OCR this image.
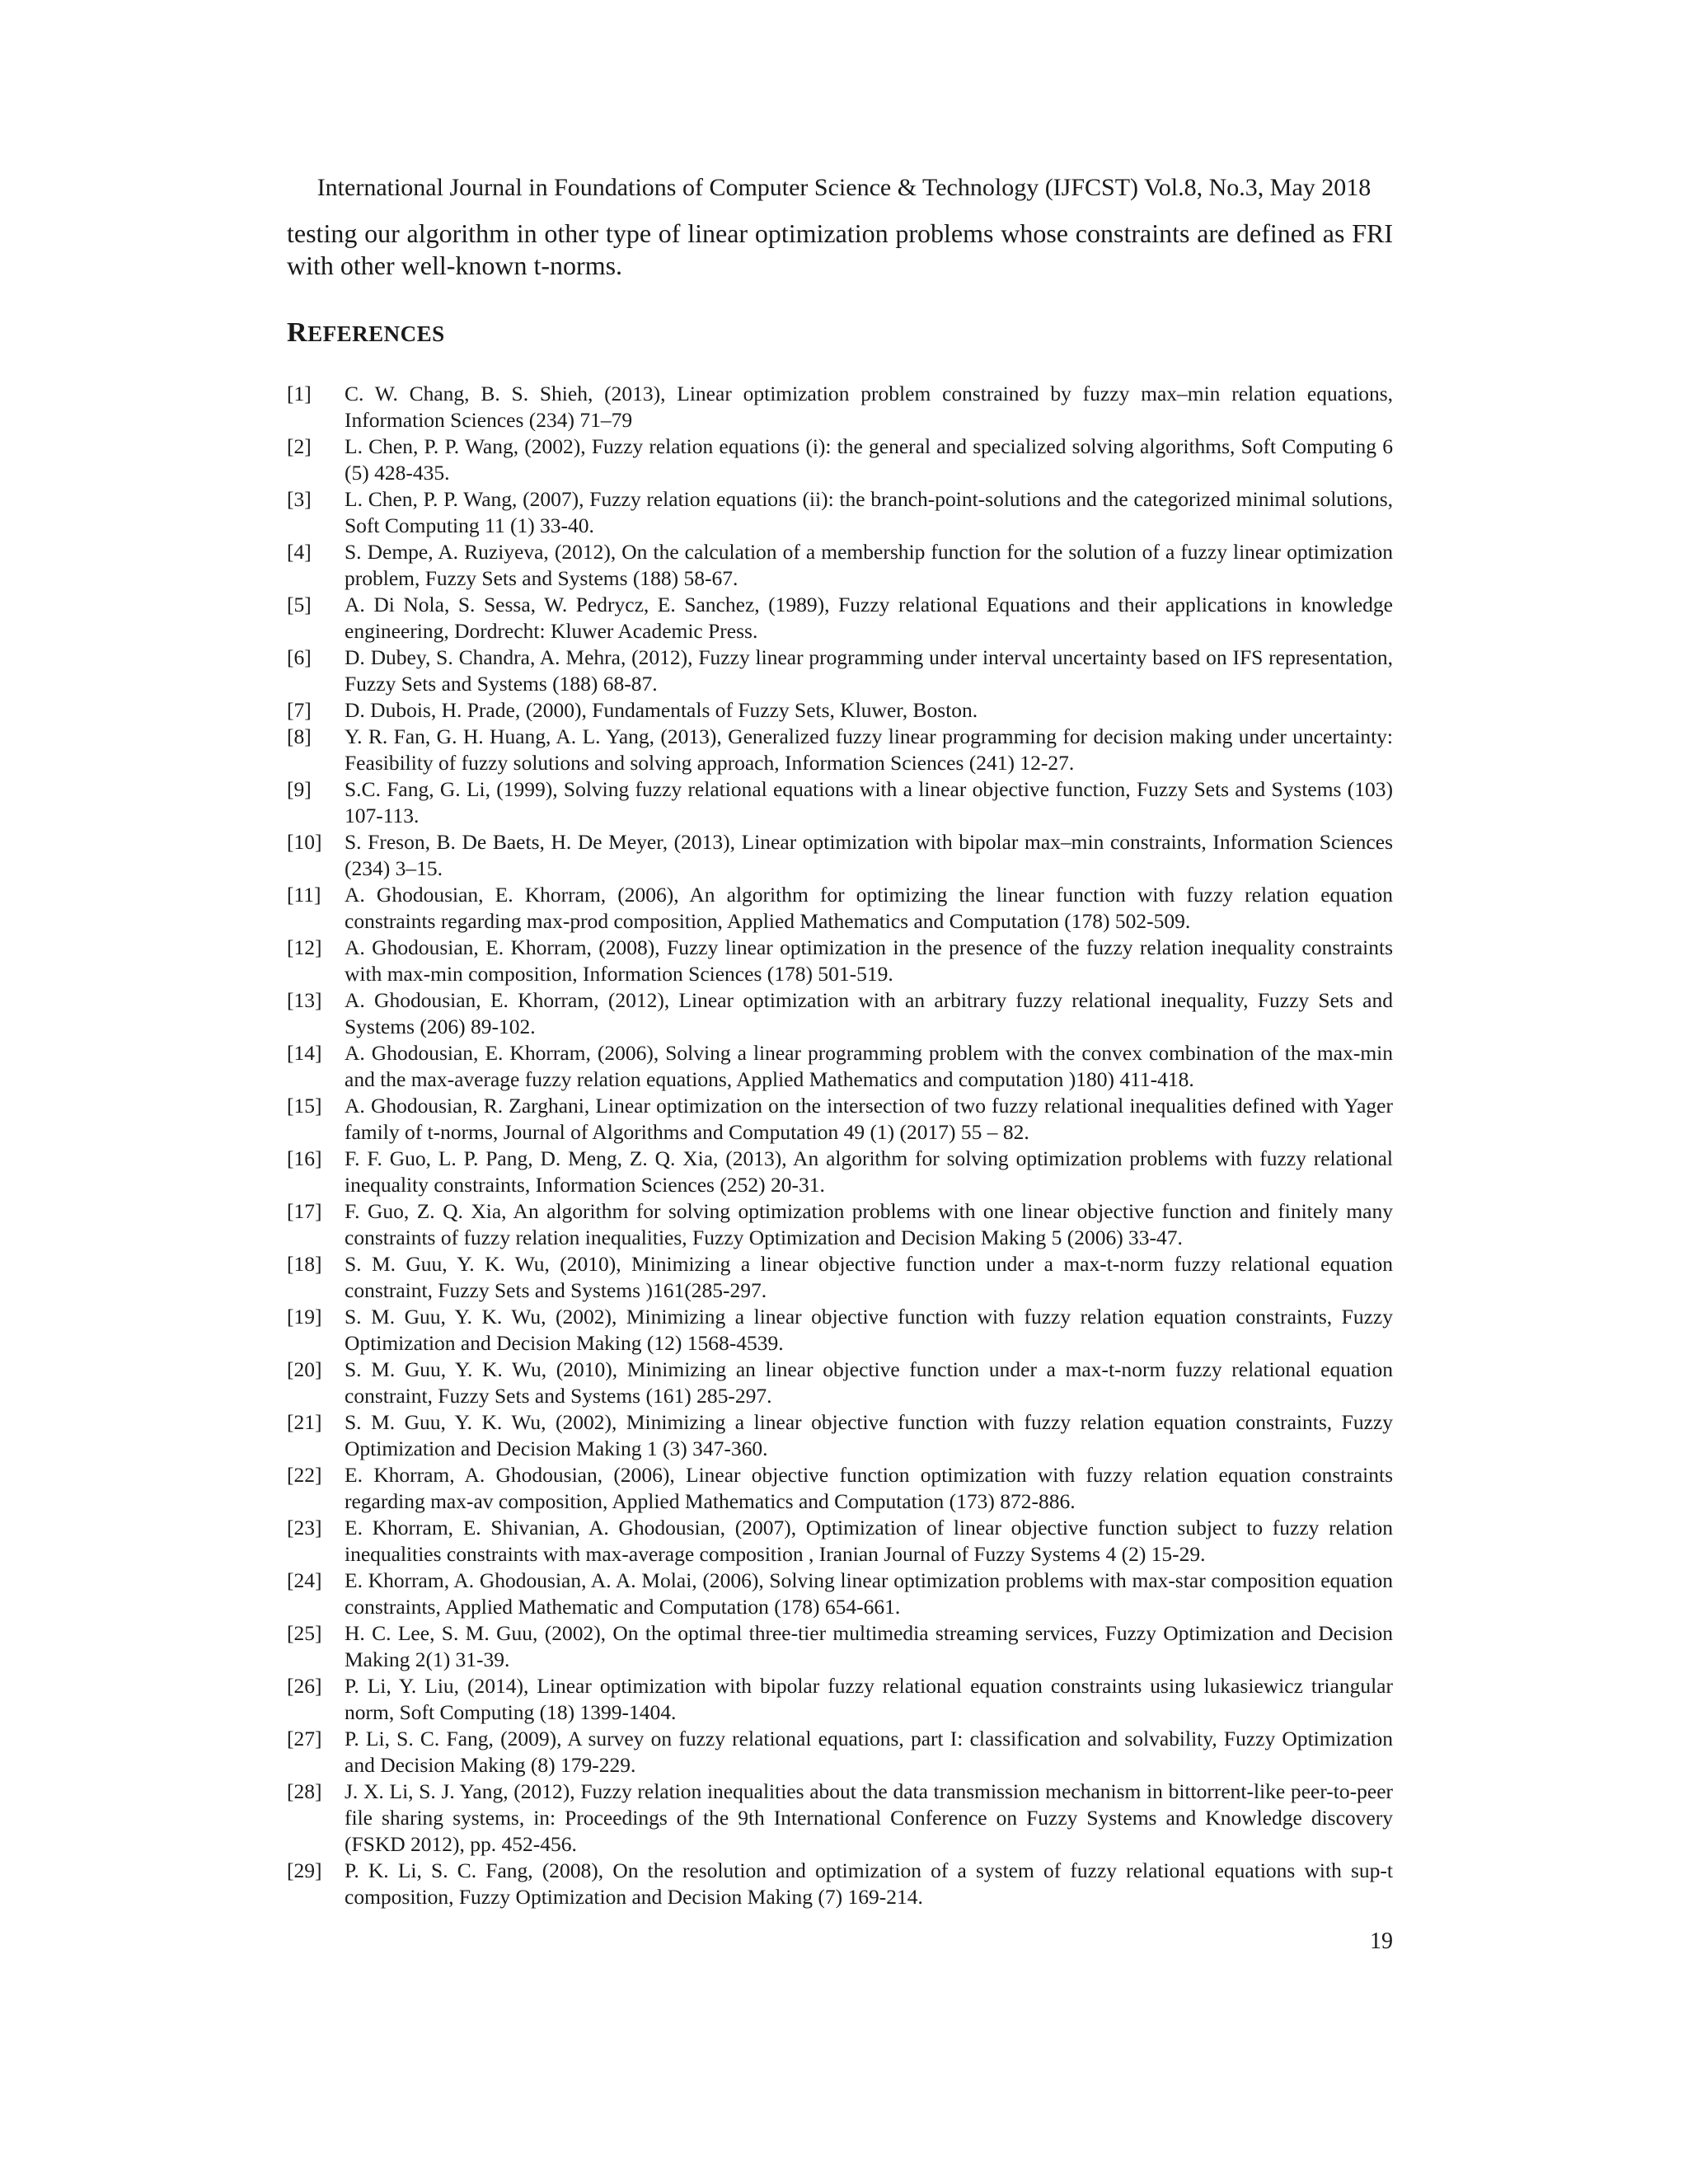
International Journal in Foundations of Computer Science & Technology (IJFCST) Vol.8, No.3, May 2018
testing our algorithm in other type of linear optimization problems whose constraints are defined as FRI with other well-known t-norms.
REFERENCES
[1]	C. W. Chang, B. S. Shieh, (2013), Linear optimization problem constrained by fuzzy max–min relation equations, Information Sciences (234) 71–79
[2]	L. Chen, P. P. Wang, (2002), Fuzzy relation equations (i): the general and specialized solving algorithms, Soft Computing 6 (5) 428-435.
[3]	L. Chen, P. P. Wang, (2007), Fuzzy relation equations (ii): the branch-point-solutions and the categorized minimal solutions, Soft Computing 11 (1) 33-40.
[4]	S. Dempe, A. Ruziyeva, (2012), On the calculation of a membership function for the solution of a fuzzy linear optimization problem, Fuzzy Sets and Systems (188) 58-67.
[5]	A. Di Nola, S. Sessa, W. Pedrycz, E. Sanchez, (1989), Fuzzy relational Equations and their applications in knowledge engineering, Dordrecht: Kluwer Academic Press.
[6]	D. Dubey, S. Chandra, A. Mehra, (2012), Fuzzy linear programming under interval uncertainty based on IFS representation, Fuzzy Sets and Systems (188) 68-87.
[7]	D. Dubois, H. Prade, (2000), Fundamentals of Fuzzy Sets, Kluwer, Boston.
[8]	Y. R. Fan, G. H. Huang, A. L. Yang, (2013), Generalized fuzzy linear programming for decision making under uncertainty: Feasibility of fuzzy solutions and solving approach, Information Sciences (241) 12-27.
[9]	S.C. Fang, G. Li, (1999), Solving fuzzy relational equations with a linear objective function, Fuzzy Sets and Systems (103) 107-113.
[10]	S. Freson, B. De Baets, H. De Meyer, (2013), Linear optimization with bipolar max–min constraints, Information Sciences (234) 3–15.
[11]	A. Ghodousian, E. Khorram, (2006), An algorithm for optimizing the linear function with fuzzy relation equation constraints regarding max-prod composition, Applied Mathematics and Computation (178) 502-509.
[12]	A. Ghodousian, E. Khorram, (2008), Fuzzy linear optimization in the presence of the fuzzy relation inequality constraints with max-min composition, Information Sciences (178) 501-519.
[13]	A. Ghodousian, E. Khorram, (2012), Linear optimization with an arbitrary fuzzy relational inequality, Fuzzy Sets and Systems (206) 89-102.
[14]	A. Ghodousian, E. Khorram, (2006), Solving a linear programming problem with the convex combination of the max-min and the max-average fuzzy relation equations, Applied Mathematics and computation )180) 411-418.
[15]	A. Ghodousian, R. Zarghani, Linear optimization on the intersection of two fuzzy relational inequalities defined with Yager family of t-norms, Journal of Algorithms and Computation 49 (1) (2017) 55 – 82.
[16]	F. F. Guo, L. P. Pang, D. Meng, Z. Q. Xia, (2013), An algorithm for solving optimization problems with fuzzy relational inequality constraints, Information Sciences (252) 20-31.
[17]	F. Guo, Z. Q. Xia, An algorithm for solving optimization problems with one linear objective function and finitely many constraints of fuzzy relation inequalities, Fuzzy Optimization and Decision Making 5 (2006) 33-47.
[18]	S. M. Guu, Y. K. Wu, (2010), Minimizing a linear objective function under a max-t-norm fuzzy relational equation constraint, Fuzzy Sets and Systems )161(285-297.
[19]	S. M. Guu, Y. K. Wu, (2002), Minimizing a linear objective function with fuzzy relation equation constraints, Fuzzy Optimization and Decision Making (12) 1568-4539.
[20]	S. M. Guu, Y. K. Wu, (2010), Minimizing an linear objective function under a max-t-norm fuzzy relational equation constraint, Fuzzy Sets and Systems (161) 285-297.
[21]	S. M. Guu, Y. K. Wu, (2002), Minimizing a linear objective function with fuzzy relation equation constraints, Fuzzy Optimization and Decision Making 1 (3) 347-360.
[22]	E. Khorram, A. Ghodousian, (2006), Linear objective function optimization with fuzzy relation equation constraints regarding max-av composition, Applied Mathematics and Computation (173) 872-886.
[23]	E. Khorram, E. Shivanian, A. Ghodousian, (2007), Optimization of linear objective function subject to fuzzy relation inequalities constraints with max-average composition , Iranian Journal of Fuzzy Systems 4 (2) 15-29.
[24]	E. Khorram, A. Ghodousian, A. A. Molai, (2006), Solving linear optimization problems with max-star composition equation constraints, Applied Mathematic and Computation (178) 654-661.
[25]	H. C. Lee, S. M. Guu, (2002), On the optimal three-tier multimedia streaming services, Fuzzy Optimization and Decision Making 2(1) 31-39.
[26]	P. Li, Y. Liu, (2014), Linear optimization with bipolar fuzzy relational equation constraints using lukasiewicz triangular norm, Soft Computing (18) 1399-1404.
[27]	P. Li, S. C. Fang, (2009), A survey on fuzzy relational equations, part I: classification and solvability, Fuzzy Optimization and Decision Making (8) 179-229.
[28]	J. X. Li, S. J. Yang, (2012), Fuzzy relation inequalities about the data transmission mechanism in bittorrent-like peer-to-peer file sharing systems, in: Proceedings of the 9th International Conference on Fuzzy Systems and Knowledge discovery (FSKD 2012), pp. 452-456.
[29]	P. K. Li, S. C. Fang, (2008), On the resolution and optimization of a system of fuzzy relational equations with sup-t composition, Fuzzy Optimization and Decision Making (7) 169-214.
19
